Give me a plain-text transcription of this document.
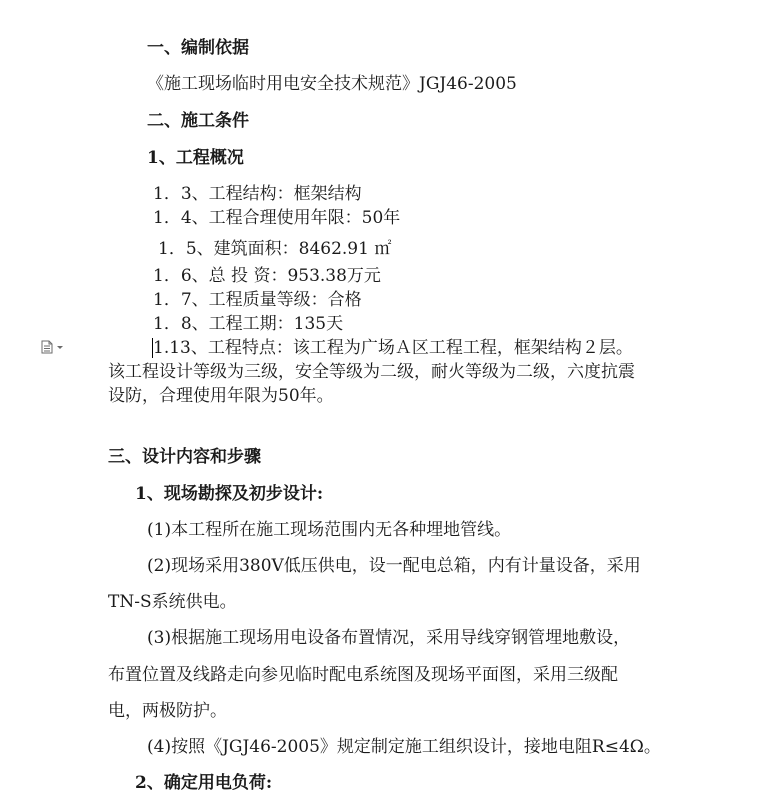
一、编制依据
《施工现场临时用电安全技术规范》JGJ46-2005
二、施工条件
1、工程概况
1．3、工程结构：框架结构
1．4、工程合理使用年限：50年
1．5、建筑面积：8462.91 ㎡
1．6、总 投 资：953.38万元
1．7、工程质量等级：合格
1．8、工程工期：135天
1.13、工程特点：该工程为广场Ａ区工程工程，框架结构２层。
该工程设计等级为三级，安全等级为二级，耐火等级为二级，六度抗震
设防，合理使用年限为50年。
三、设计内容和步骤
1、现场勘探及初步设计:
(1)本工程所在施工现场范围内无各种埋地管线。
(2)现场采用380V低压供电，设一配电总箱，内有计量设备，采用
TN-S系统供电。
(3)根据施工现场用电设备布置情况，采用导线穿钢管埋地敷设，
布置位置及线路走向参见临时配电系统图及现场平面图，采用三级配
电，两极防护。
(4)按照《JGJ46-2005》规定制定施工组织设计，接地电阻R≤4Ω。
2、确定用电负荷:
